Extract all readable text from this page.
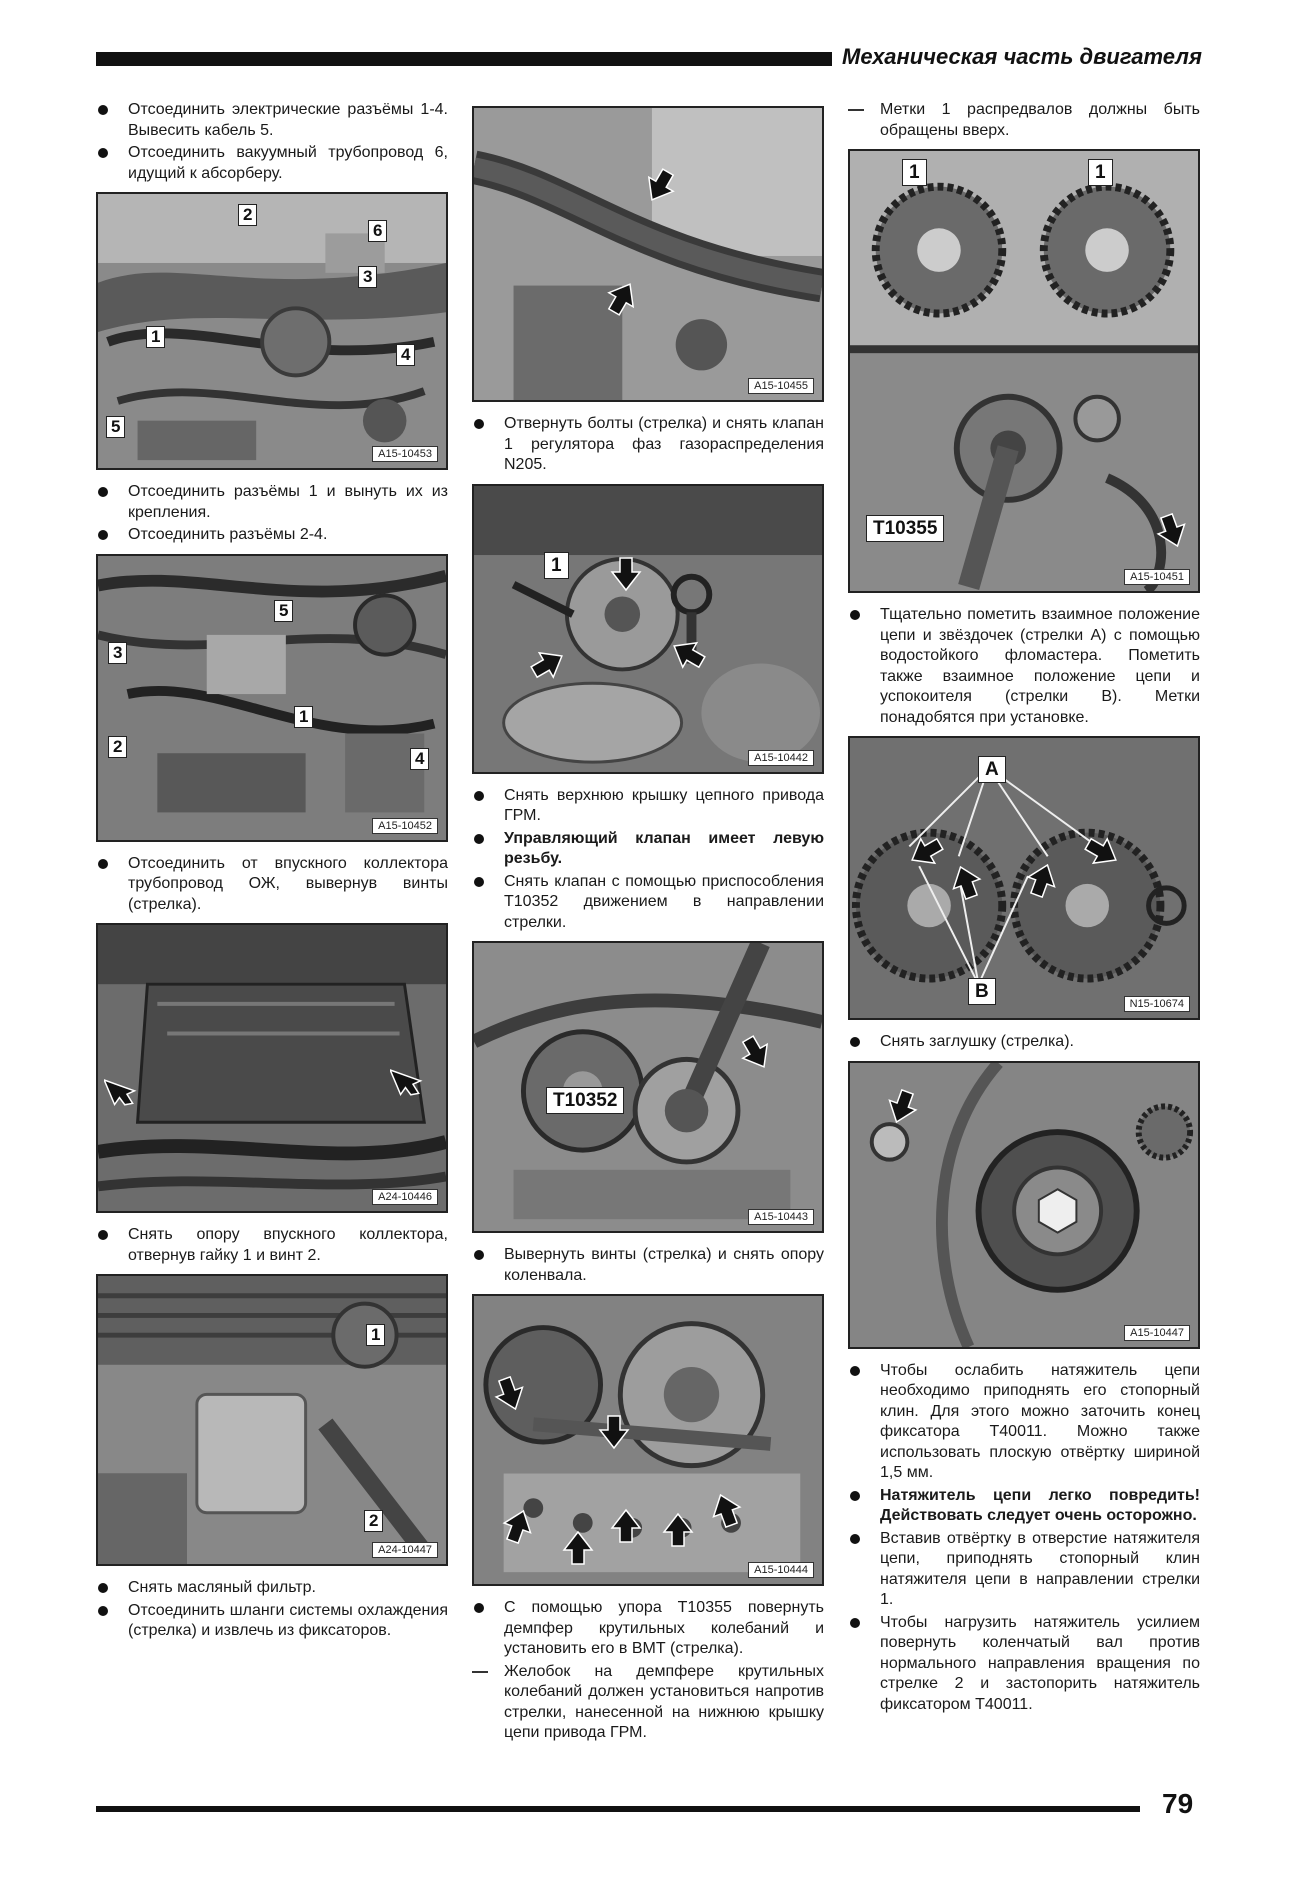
Механическая часть двигателя
Отсоединить электрические разъёмы 1-4. Вывесить кабель 5.
Отсоединить вакуумный трубопровод 6, идущий к абсорберу.
2
6
3
1
4
5
A15-10453
Отсоединить разъёмы 1 и вынуть их из крепления.
Отсоединить разъёмы 2-4.
5
3
1
2
4
A15-10452
Отсоединить от впускного коллектора трубопровод ОЖ, вывернув винты (стрелка).
A24-10446
Снять опору впускного коллектора, отвернув гайку 1 и винт 2.
1
2
A24-10447
Снять масляный фильтр.
Отсоединить шланги системы охлаждения (стрелка) и извлечь из фиксаторов.
A15-10455
Отвернуть болты (стрелка) и снять клапан 1 регулятора фаз газораспределения N205.
1
A15-10442
Снять верхнюю крышку цепного привода ГРМ.
Управляющий клапан имеет левую резьбу.
Снять клапан с помощью приспособления T10352 движением в направлении стрелки.
T10352
A15-10443
Вывернуть винты (стрелка) и снять опору коленвала.
A15-10444
С помощью упора T10355 повернуть демпфер крутильных колебаний и установить его в ВМТ (стрелка).
Желобок на демпфере крутильных колебаний должен установиться напротив стрелки, нанесенной на нижнюю крышку цепи привода ГРМ.
Метки 1 распредвалов должны быть обращены вверх.
1	1
T10355
A15-10451
Тщательно пометить взаимное положение цепи и звёздочек (стрелки A) с помощью водостойкого фломастера. Пометить также взаимное положение цепи и успокоителя (стрелки B). Метки понадобятся при установке.
A
B
N15-10674
Снять заглушку (стрелка).
A15-10447
Чтобы ослабить натяжитель цепи необходимо приподнять его стопорный клин. Для этого можно заточить конец фиксатора T40011. Можно также использовать плоскую отвёртку шириной 1,5 мм.
Натяжитель цепи легко повредить! Действовать следует очень осторожно.
Вставив отвёртку в отверстие натяжителя цепи, приподнять стопорный клин натяжителя цепи в направлении стрелки 1.
Чтобы нагрузить натяжитель усилием повернуть коленчатый вал против нормального направления вращения по стрелке 2 и застопорить натяжитель фиксатором T40011.
79
